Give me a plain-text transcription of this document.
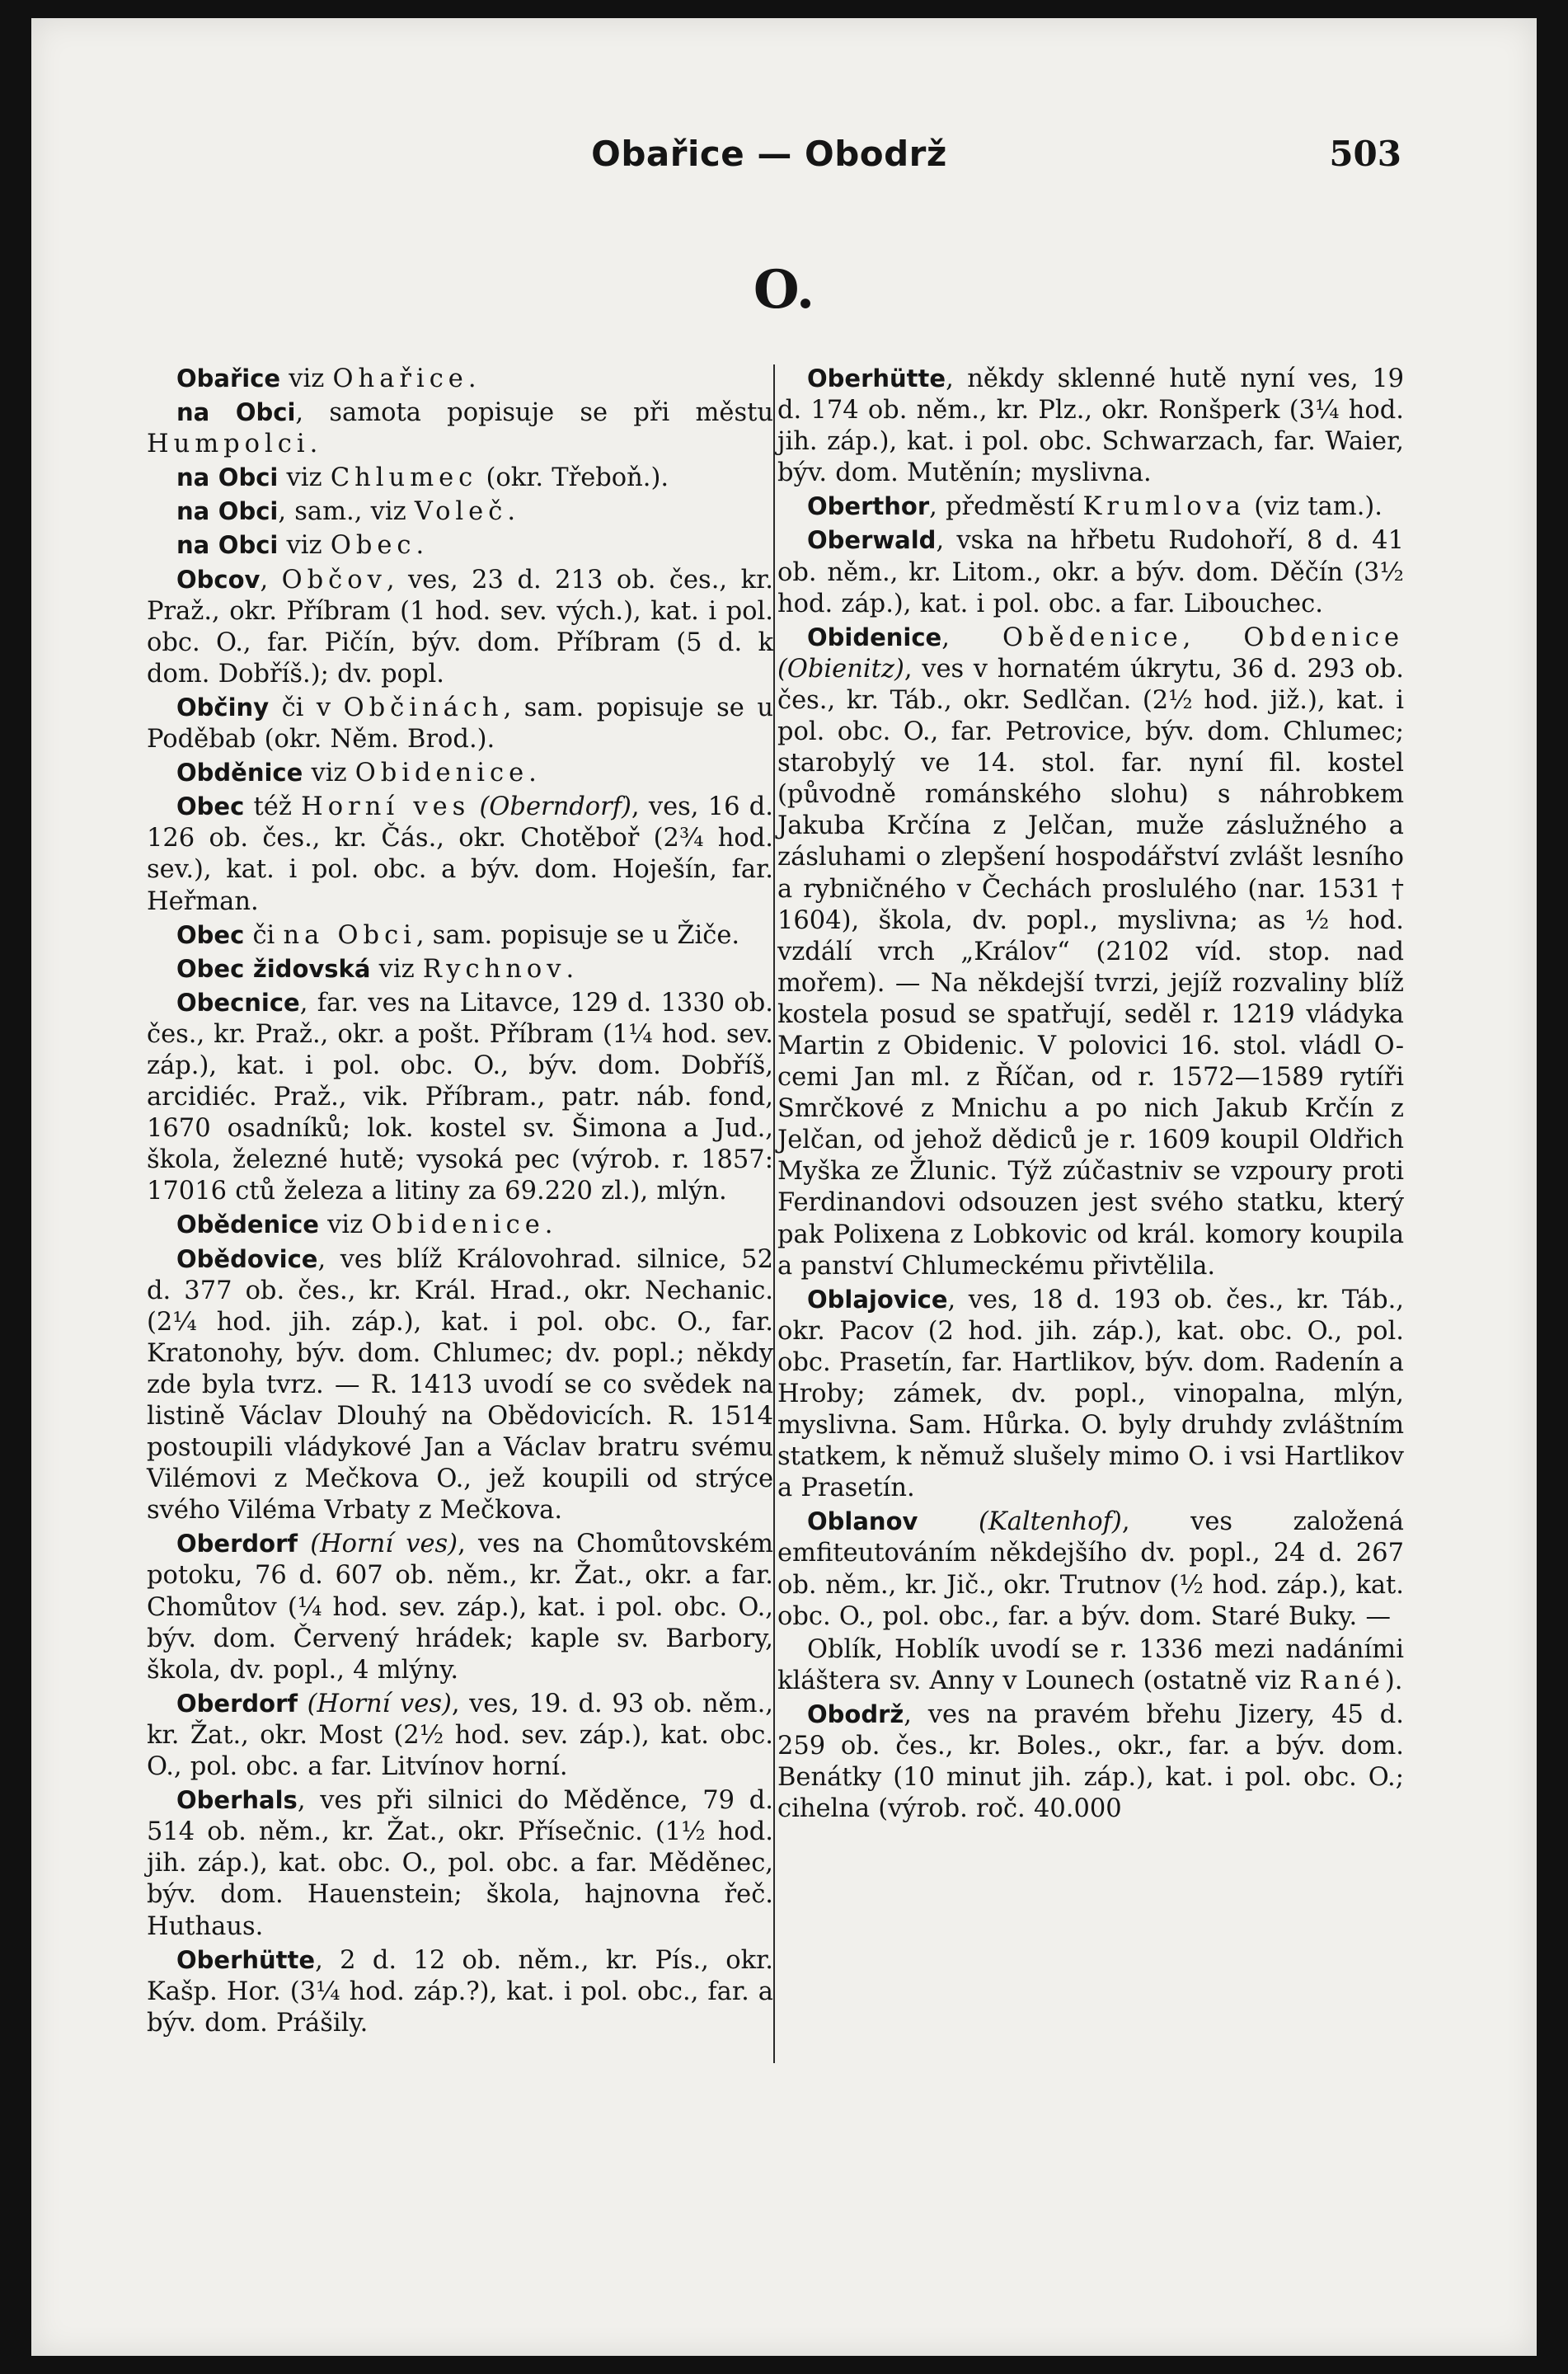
Obařice — Obodrž	503
O.

Obařice viz Ohařice.

na Obci, samota popisuje se při městu Humpolci.

na Obci viz Chlumec (okr. Třeboň.).

na Obci, sam., viz Voleč.

na Obci viz Obec.

Obcov, Občov, ves, 23 d. 213 ob. čes., kr. Praž., okr. Příbram (1 hod. sev. vých.), kat. i pol. obc. O., far. Pičín, býv. dom. Příbram (5 d. k dom. Dobříš.); dv. popl.

Občiny či v Občinách, sam. popisuje se u Poděbab (okr. Něm. Brod.).

Obděnice viz Obidenice.

Obec též Horní ves (Oberndorf), ves, 16 d. 126 ob. čes., kr. Čás., okr. Chotěboř (2¾ hod. sev.), kat. i pol. obc. a býv. dom. Hoješín, far. Heřman.

Obec či na Obci, sam. popisuje se u Žiče.

Obec židovská viz Rychnov.

Obecnice, far. ves na Litavce, 129 d. 1330 ob. čes., kr. Praž., okr. a pošt. Příbram (1¼ hod. sev. záp.), kat. i pol. obc. O., býv. dom. Dobříš, arcidiéc. Praž., vik. Příbram., patr. náb. fond, 1670 osadníků; lok. kostel sv. Šimona a Jud., škola, železné hutě; vysoká pec (výrob. r. 1857: 17016 ctů železa a litiny za 69.220 zl.), mlýn.

Obědenice viz Obidenice.

Obědovice, ves blíž Královohrad. silnice, 52 d. 377 ob. čes., kr. Král. Hrad., okr. Nechanic. (2¼ hod. jih. záp.), kat. i pol. obc. O., far. Kratonohy, býv. dom. Chlumec; dv. popl.; někdy zde byla tvrz. — R. 1413 uvodí se co svědek na listině Václav Dlouhý na Obědovicích. R. 1514 postoupili vládykové Jan a Václav bratru svému Vilémovi z Mečkova O., jež koupili od strýce svého Viléma Vrbaty z Mečkova.

Oberdorf (Horní ves), ves na Chomůtovském potoku, 76 d. 607 ob. něm., kr. Žat., okr. a far. Chomůtov (¼ hod. sev. záp.), kat. i pol. obc. O., býv. dom. Červený hrádek; kaple sv. Barbory, škola, dv. popl., 4 mlýny.

Oberdorf (Horní ves), ves, 19. d. 93 ob. něm., kr. Žat., okr. Most (2½ hod. sev. záp.), kat. obc. O., pol. obc. a far. Litvínov horní.

Oberhals, ves při silnici do Měděnce, 79 d. 514 ob. něm., kr. Žat., okr. Přísečnic. (1½ hod. jih. záp.), kat. obc. O., pol. obc. a far. Měděnec, býv. dom. Hauenstein; škola, hajnovna řeč. Huthaus.

Oberhütte, 2 d. 12 ob. něm., kr. Pís., okr. Kašp. Hor. (3¼ hod. záp.?), kat. i pol. obc., far. a býv. dom. Prášily.

Oberhütte, někdy sklenné hutě nyní ves, 19 d. 174 ob. něm., kr. Plz., okr. Ronšperk (3¼ hod. jih. záp.), kat. i pol. obc. Schwarzach, far. Waier, býv. dom. Mutěnín; myslivna.

Oberthor, předměstí Krumlova (viz tam.).

Oberwald, vska na hřbetu Rudohoří, 8 d. 41 ob. něm., kr. Litom., okr. a býv. dom. Děčín (3½ hod. záp.), kat. i pol. obc. a far. Libouchec.

Obidenice, Obědenice, Obdenice (Obienitz), ves v hornatém úkrytu, 36 d. 293 ob. čes., kr. Táb., okr. Sedlčan. (2½ hod. již.), kat. i pol. obc. O., far. Petrovice, býv. dom. Chlumec; starobylý ve 14. stol. far. nyní fil. kostel (původně románského slohu) s náhrobkem Jakuba Krčína z Jelčan, muže záslužného a zásluhami o zlepšení hospodářství zvlášt lesního a rybničného v Čechách proslulého (nar. 1531 † 1604), škola, dv. popl., myslivna; as ½ hod. vzdálí vrch „Králov“ (2102 víd. stop. nad mořem). — Na někdejší tvrzi, jejíž rozvaliny blíž kostela posud se spatřují, seděl r. 1219 vládyka Martin z Obidenic. V polovici 16. stol. vládl O-cemi Jan ml. z Říčan, od r. 1572—1589 rytíři Smrčkové z Mnichu a po nich Jakub Krčín z Jelčan, od jehož dědiců je r. 1609 koupil Oldřich Myška ze Žlunic. Týž zúčastniv se vzpoury proti Ferdinandovi odsouzen jest svého statku, který pak Polixena z Lobkovic od král. komory koupila a panství Chlumeckému přivtělila.

Oblajovice, ves, 18 d. 193 ob. čes., kr. Táb., okr. Pacov (2 hod. jih. záp.), kat. obc. O., pol. obc. Prasetín, far. Hartlikov, býv. dom. Radenín a Hroby; zámek, dv. popl., vinopalna, mlýn, myslivna. Sam. Hůrka. O. byly druhdy zvláštním statkem, k němuž slušely mimo O. i vsi Hartlikov a Prasetín.

Oblanov (Kaltenhof), ves založená emfiteutováním někdejšího dv. popl., 24 d. 267 ob. něm., kr. Jič., okr. Trutnov (½ hod. záp.), kat. obc. O., pol. obc., far. a býv. dom. Staré Buky. —

Oblík, Hoblík uvodí se r. 1336 mezi nadáními kláštera sv. Anny v Lounech (ostatně viz Rané).

Obodrž, ves na pravém břehu Jizery, 45 d. 259 ob. čes., kr. Boles., okr., far. a býv. dom. Benátky (10 minut jih. záp.), kat. i pol. obc. O.; cihelna (výrob. roč. 40.000
